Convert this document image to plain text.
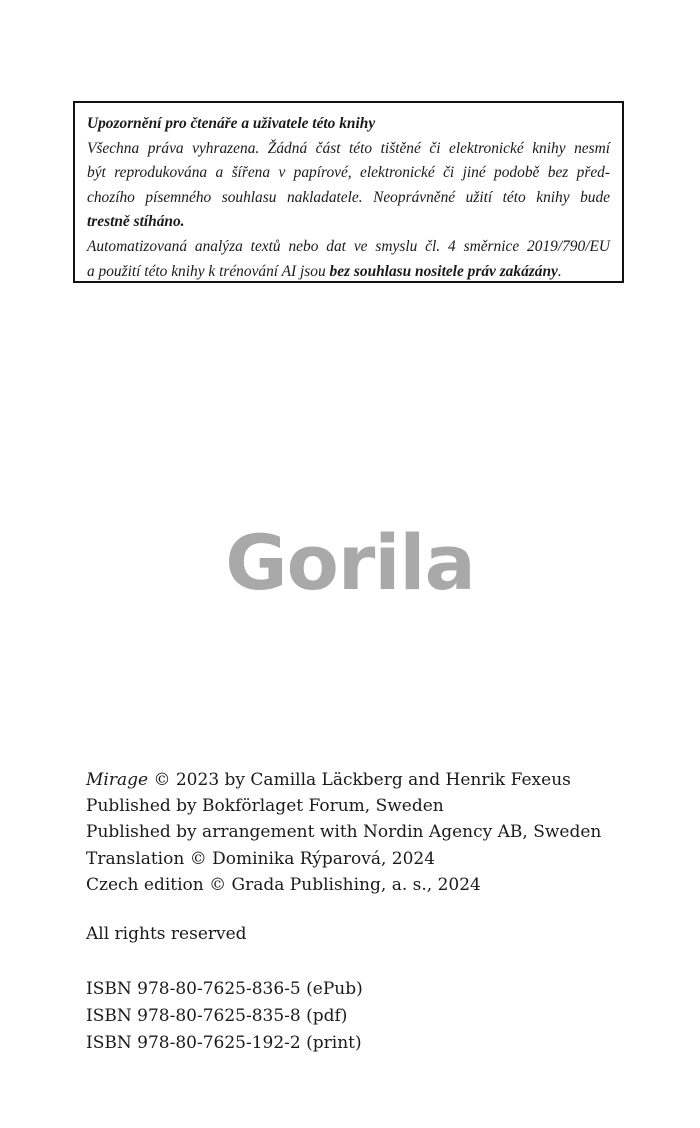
Upozornění pro čtenáře a uživatele této knihy
Všechna práva vyhrazena. Žádná část této tištěné či elektronické knihy nesmí
být reprodukována a šířena v papírové, elektronické či jiné podobě bez před-
chozího písemného souhlasu nakladatele. Neoprávněné užití této knihy bude
trestně stíháno.
Automatizovaná analýza textů nebo dat ve smyslu čl. 4 směrnice 2019/790/EU
a použití této knihy k trénování AI jsou bez souhlasu nositele práv zakázány.
Gorila
Mirage © 2023 by Camilla Läckberg and Henrik Fexeus
Published by Bokförlaget Forum, Sweden
Published by arrangement with Nordin Agency AB, Sweden
Translation © Dominika Rýparová, 2024
Czech edition © Grada Publishing, a. s., 2024
All rights reserved
ISBN 978-80-7625-836-5 (ePub)
ISBN 978-80-7625-835-8 (pdf)
ISBN 978-80-7625-192-2 (print)
